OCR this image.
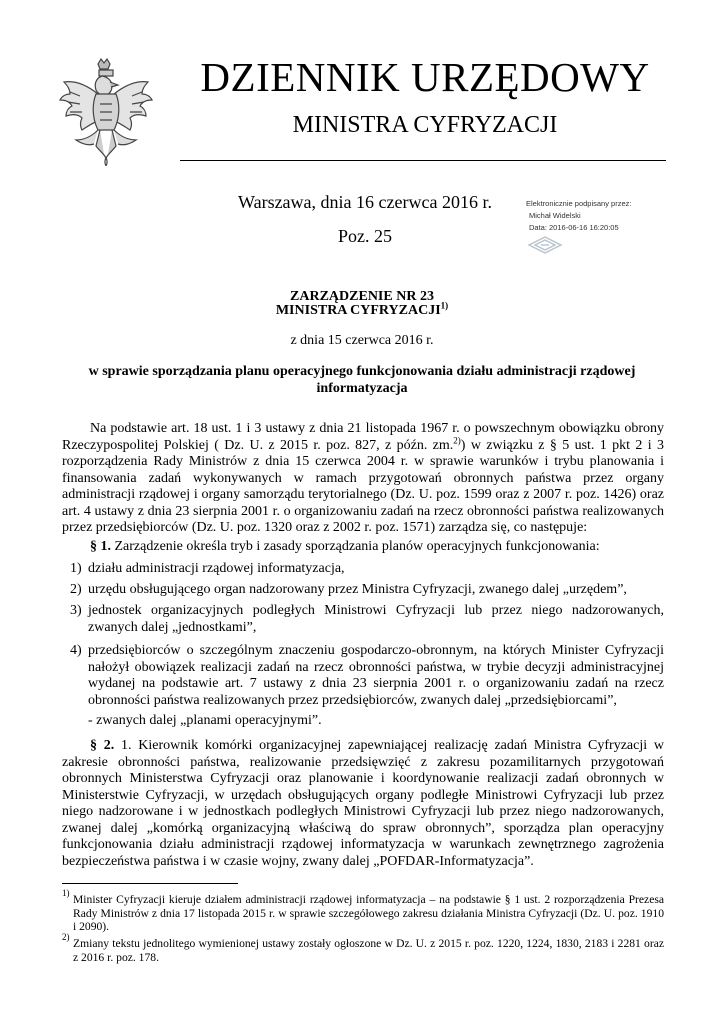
DZIENNIK URZĘDOWY
MINISTRA CYFRYZACJI
Warszawa, dnia 16 czerwca 2016 r.
Poz. 25
Elektronicznie podpisany przez:
Michał Widelski
Data: 2016-06-16 16:20:05
ZARZĄDZENIE NR 23
MINISTRA CYFRYZACJI$^{1)}$
z dnia 15 czerwca 2016 r.
w sprawie sporządzania planu operacyjnego funkcjonowania działu administracji rządowej informatyzacja
Na podstawie art. 18 ust. 1 i 3 ustawy z dnia 21 listopada 1967 r. o powszechnym obowiązku obrony Rzeczypospolitej Polskiej ( Dz. U. z 2015 r. poz. 827, z późn. zm.$^{2)}$) w związku z § 5 ust. 1 pkt 2 i 3 rozporządzenia Rady Ministrów z dnia 15 czerwca 2004 r. w sprawie warunków i trybu planowania i finansowania zadań wykonywanych w ramach przygotowań obronnych państwa przez organy administracji rządowej i organy samorządu terytorialnego (Dz. U. poz. 1599 oraz z 2007 r. poz. 1426) oraz art. 4 ustawy z dnia 23 sierpnia 2001 r. o organizowaniu zadań na rzecz obronności państwa realizowanych przez przedsiębiorców (Dz. U. poz. 1320 oraz z 2002 r. poz. 1571) zarządza się, co następuje:
§ 1. Zarządzenie określa tryb i zasady sporządzania planów operacyjnych funkcjonowania:
1) działu administracji rządowej informatyzacja,
2) urzędu obsługującego organ nadzorowany przez Ministra Cyfryzacji, zwanego dalej „urzędem”,
3) jednostek organizacyjnych podległych Ministrowi Cyfryzacji lub przez niego nadzorowanych, zwanych dalej „jednostkami”,
4) przedsiębiorców o szczególnym znaczeniu gospodarczo-obronnym, na których Minister Cyfryzacji nałożył obowiązek realizacji zadań na rzecz obronności państwa, w trybie decyzji administracyjnej wydanej na podstawie art. 7 ustawy z dnia 23 sierpnia 2001 r. o organizowaniu zadań na rzecz obronności państwa realizowanych przez przedsiębiorców, zwanych dalej „przedsiębiorcami”,
- zwanych dalej „planami operacyjnymi”.
§ 2. 1. Kierownik komórki organizacyjnej zapewniającej realizację zadań Ministra Cyfryzacji w zakresie obronności państwa, realizowanie przedsięwzięć z zakresu pozamilitarnych przygotowań obronnych Ministerstwa Cyfryzacji oraz planowanie i koordynowanie realizacji zadań obronnych w Ministerstwie Cyfryzacji, w urzędach obsługujących organy podległe Ministrowi Cyfryzacji lub przez niego nadzorowane i w jednostkach podległych Ministrowi Cyfryzacji lub przez niego nadzorowanych, zwanej dalej „komórką organizacyjną właściwą do spraw obronnych”, sporządza plan operacyjny funkcjonowania działu administracji rządowej informatyzacja w warunkach zewnętrznego zagrożenia bezpieczeństwa państwa i w czasie wojny, zwany dalej „POFDAR-Informatyzacja”.
1) Minister Cyfryzacji kieruje działem administracji rządowej informatyzacja – na podstawie § 1 ust. 2 rozporządzenia Prezesa Rady Ministrów z dnia 17 listopada 2015 r. w sprawie szczegółowego zakresu działania Ministra Cyfryzacji (Dz. U. poz. 1910 i 2090).
2) Zmiany tekstu jednolitego wymienionej ustawy zostały ogłoszone w Dz. U. z 2015 r. poz. 1220, 1224, 1830, 2183 i 2281 oraz z 2016 r. poz. 178.
